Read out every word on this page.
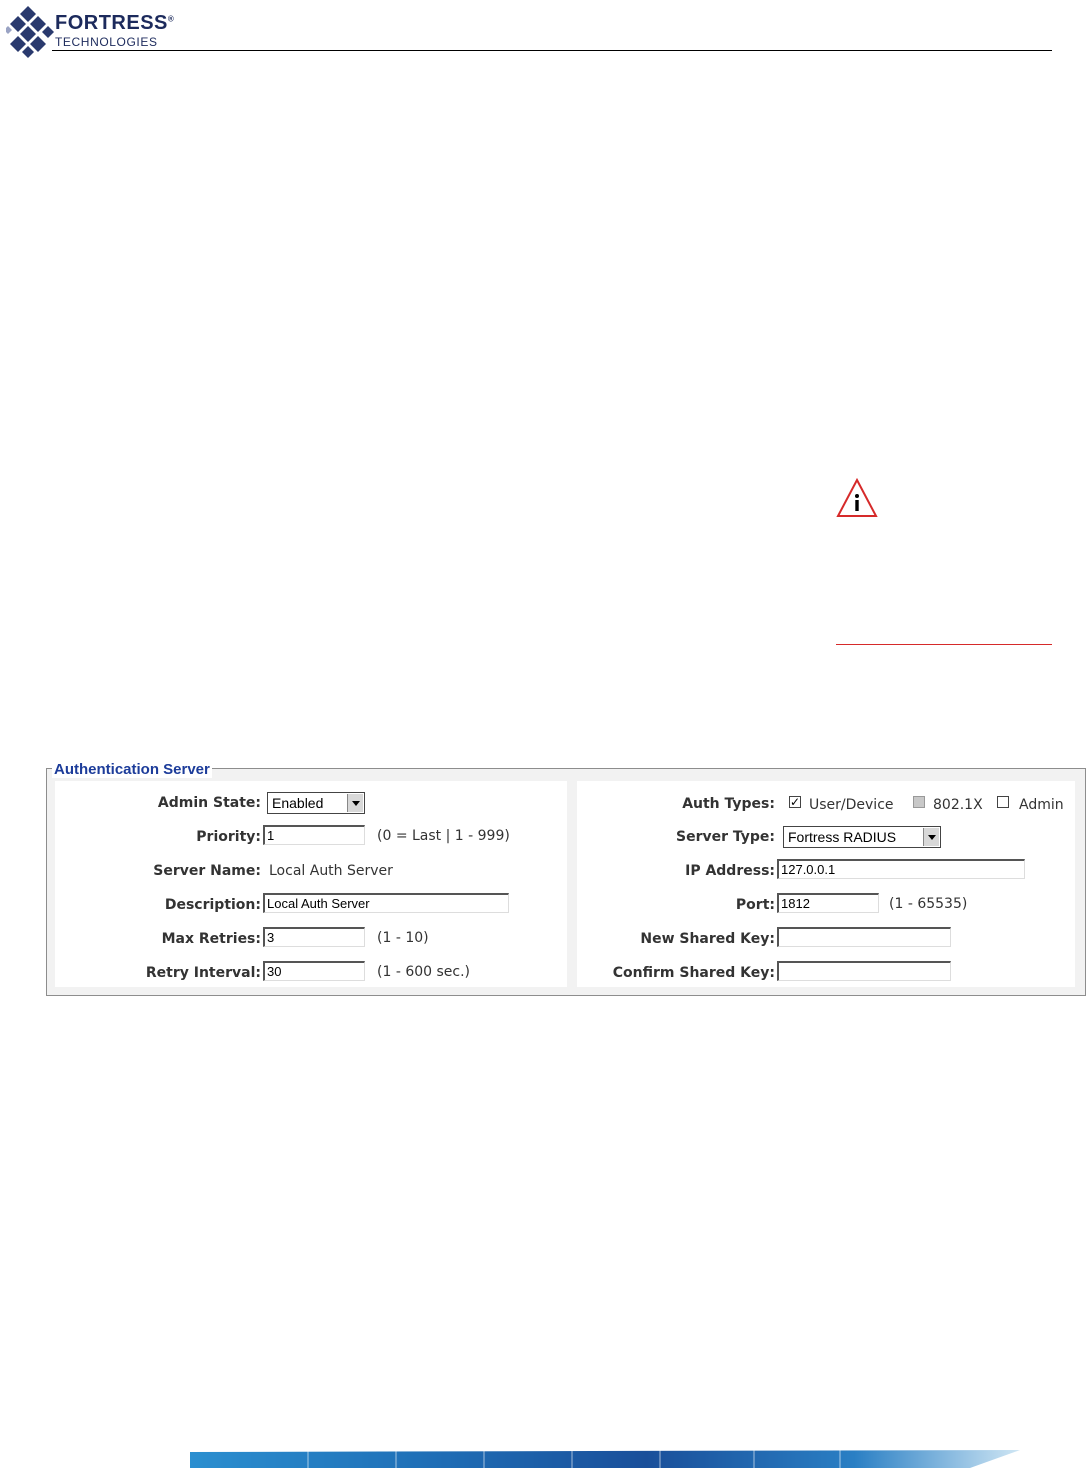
FORTRESS®
TECHNOLOGIES
Admin State: Enabled
Priority: 1	(0 = Last | 1 - 999)
Server Name: Local Auth Server
Description: Local Auth Server
Max Retries: 3	(1 - 10)
Retry Interval: 30	(1 - 600 sec.)
Auth Types: ✓ User/Device	802.1X	Admin
Server Type: Fortress RADIUS
IP Address: 127.0.0.1
Port: 1812	(1 - 65535)
New Shared Key:
Confirm Shared Key:
Authentication Server
